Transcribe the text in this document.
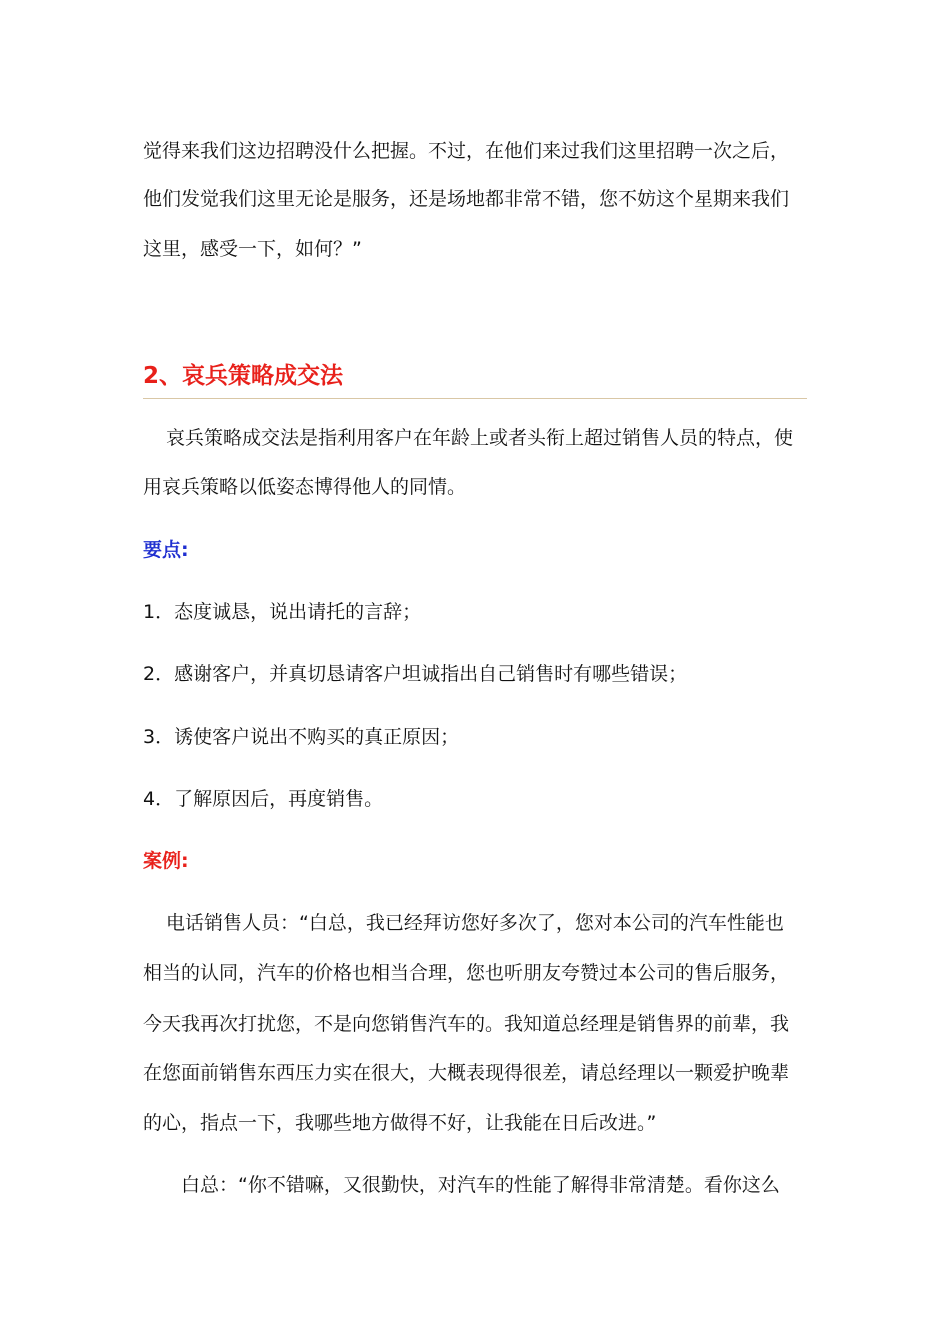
觉得来我们这边招聘没什么把握。不过，在他们来过我们这里招聘一次之后，
他们发觉我们这里无论是服务，还是场地都非常不错，您不妨这个星期来我们
这里，感受一下，如何？”
2、哀兵策略成交法
哀兵策略成交法是指利用客户在年龄上或者头衔上超过销售人员的特点，使
用哀兵策略以低姿态博得他人的同情。
要点:
1．态度诚恳，说出请托的言辞；
2．感谢客户，并真切恳请客户坦诚指出自己销售时有哪些错误；
3．诱使客户说出不购买的真正原因；
4．了解原因后，再度销售。
案例:
电话销售人员：“白总，我已经拜访您好多次了，您对本公司的汽车性能也
相当的认同，汽车的价格也相当合理，您也听朋友夸赞过本公司的售后服务，
今天我再次打扰您，不是向您销售汽车的。我知道总经理是销售界的前辈，我
在您面前销售东西压力实在很大，大概表现得很差，请总经理以一颗爱护晚辈
的心，指点一下，我哪些地方做得不好，让我能在日后改进。”
白总：“你不错嘛，又很勤快，对汽车的性能了解得非常清楚。看你这么
